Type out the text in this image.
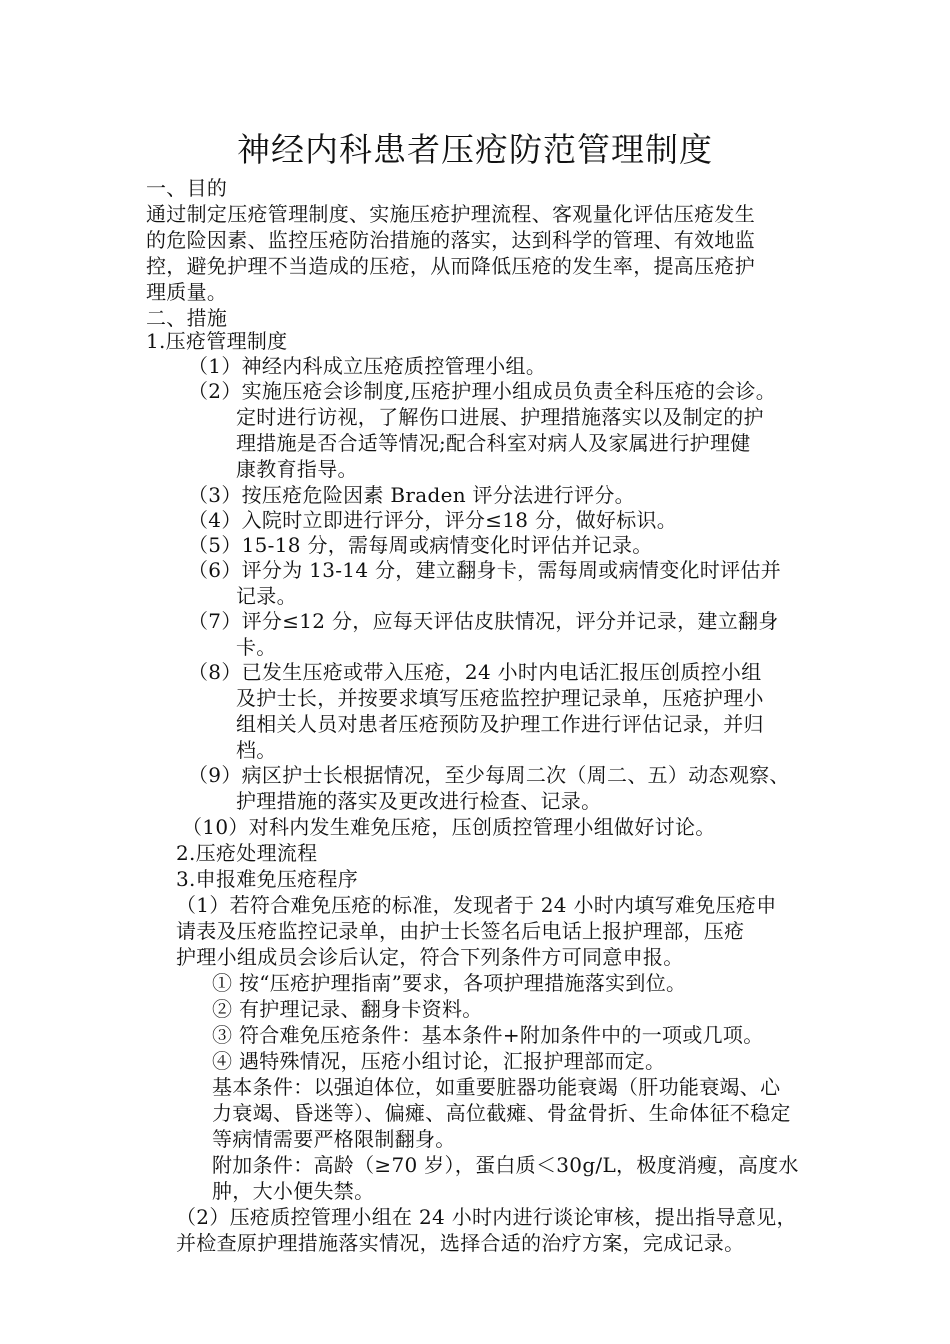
神经内科患者压疮防范管理制度
一、目的
通过制定压疮管理制度、实施压疮护理流程、客观量化评估压疮发生
的危险因素、监控压疮防治措施的落实，达到科学的管理、有效地监
控，避免护理不当造成的压疮，从而降低压疮的发生率，提高压疮护
理质量。
二、措施
1.压疮管理制度
（1）神经内科成立压疮质控管理小组。
（2）实施压疮会诊制度,压疮护理小组成员负责全科压疮的会诊。
定时进行访视，了解伤口进展、护理措施落实以及制定的护
理措施是否合适等情况;配合科室对病人及家属进行护理健
康教育指导。
（3）按压疮危险因素 Braden 评分法进行评分。
（4）入院时立即进行评分，评分≤18 分，做好标识。
（5）15-18 分，需每周或病情变化时评估并记录。
（6）评分为 13-14 分，建立翻身卡，需每周或病情变化时评估并
记录。
（7）评分≤12 分，应每天评估皮肤情况，评分并记录，建立翻身
卡。
（8）已发生压疮或带入压疮，24 小时内电话汇报压创质控小组
及护士长，并按要求填写压疮监控护理记录单，压疮护理小
组相关人员对患者压疮预防及护理工作进行评估记录，并归
档。
（9）病区护士长根据情况，至少每周二次（周二、五）动态观察、
护理措施的落实及更改进行检查、记录。
（10）对科内发生难免压疮，压创质控管理小组做好讨论。
2.压疮处理流程
3.申报难免压疮程序
（1）若符合难免压疮的标准，发现者于 24 小时内填写难免压疮申
请表及压疮监控记录单，由护士长签名后电话上报护理部，压疮
护理小组成员会诊后认定，符合下列条件方可同意申报。
① 按“压疮护理指南”要求，各项护理措施落实到位。
② 有护理记录、翻身卡资料。
③ 符合难免压疮条件：基本条件+附加条件中的一项或几项。
④ 遇特殊情况，压疮小组讨论，汇报护理部而定。
基本条件：以强迫体位，如重要脏器功能衰竭（肝功能衰竭、心
力衰竭、昏迷等）、偏瘫、高位截瘫、骨盆骨折、生命体征不稳定
等病情需要严格限制翻身。
附加条件：高龄（≥70 岁），蛋白质＜30g/L，极度消瘦，高度水
肿，大小便失禁。
（2）压疮质控管理小组在 24 小时内进行谈论审核，提出指导意见，
并检查原护理措施落实情况，选择合适的治疗方案，完成记录。
